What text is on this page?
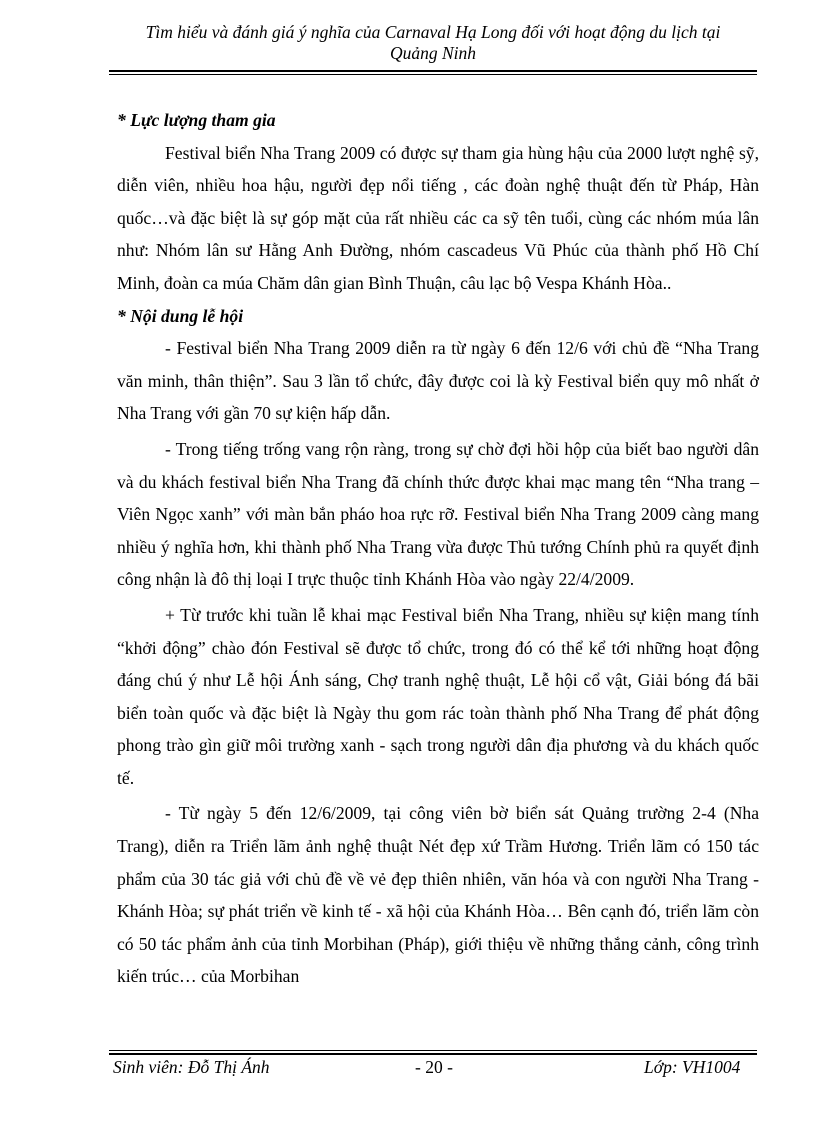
Tìm hiểu và đánh giá ý nghĩa của Carnaval Hạ Long đối với hoạt động du lịch tại
Quảng Ninh

* Lực lượng tham gia

Festival biển Nha Trang 2009 có được sự tham gia hùng hậu của 2000 lượt nghệ sỹ, diễn viên, nhiều hoa hậu, người đẹp nổi tiếng , các đoàn nghệ thuật đến từ Pháp, Hàn quốc…và đặc biệt là sự góp mặt của rất nhiều các ca sỹ tên tuổi, cùng các nhóm múa lân như: Nhóm lân sư Hằng Anh Đường, nhóm cascadeus Vũ Phúc của thành phố Hồ Chí Minh, đoàn ca múa Chăm dân gian Bình Thuận, câu lạc bộ Vespa Khánh Hòa..

* Nội dung lễ hội

- Festival biển Nha Trang 2009 diễn ra từ ngày 6 đến 12/6 với chủ đề “Nha Trang văn minh, thân thiện”. Sau 3 lần tổ chức, đây được coi là kỳ Festival biển quy mô nhất ở Nha Trang với gần 70 sự kiện hấp dẫn.

- Trong tiếng trống vang rộn ràng, trong sự chờ đợi hồi hộp của biết bao người dân và du khách festival biển Nha Trang đã chính thức được khai mạc mang tên “Nha trang – Viên Ngọc xanh” với màn bắn pháo hoa rực rỡ. Festival biển Nha Trang 2009 càng mang nhiều ý nghĩa hơn, khi thành phố Nha Trang vừa được Thủ tướng Chính phủ ra quyết định công nhận là đô thị loại I trực thuộc tỉnh Khánh Hòa vào ngày 22/4/2009.

+ Từ trước khi tuần lễ khai mạc Festival biển Nha Trang, nhiều sự kiện mang tính “khởi động” chào đón Festival sẽ được tổ chức, trong đó có thể kể tới những hoạt động đáng chú ý như Lễ hội Ánh sáng, Chợ tranh nghệ thuật, Lễ hội cổ vật, Giải bóng đá bãi biển toàn quốc và đặc biệt là Ngày thu gom rác toàn thành phố Nha Trang để phát động phong trào gìn giữ môi trường xanh - sạch trong người dân địa phương và du khách quốc tế.

- Từ ngày 5 đến 12/6/2009, tại công viên bờ biển sát Quảng trường 2-4 (Nha Trang), diễn ra Triển lãm ảnh nghệ thuật Nét đẹp xứ Trầm Hương. Triển lãm có 150 tác phẩm của 30 tác giả với chủ đề về vẻ đẹp thiên nhiên, văn hóa và con người Nha Trang - Khánh Hòa; sự phát triển về kinh tế - xã hội của Khánh Hòa… Bên cạnh đó, triển lãm còn có 50 tác phẩm ảnh của tỉnh Morbihan (Pháp), giới thiệu về những thắng cảnh, công trình kiến trúc… của Morbihan

Sinh viên: Đỗ Thị Ánh	- 20 -	Lớp: VH1004
